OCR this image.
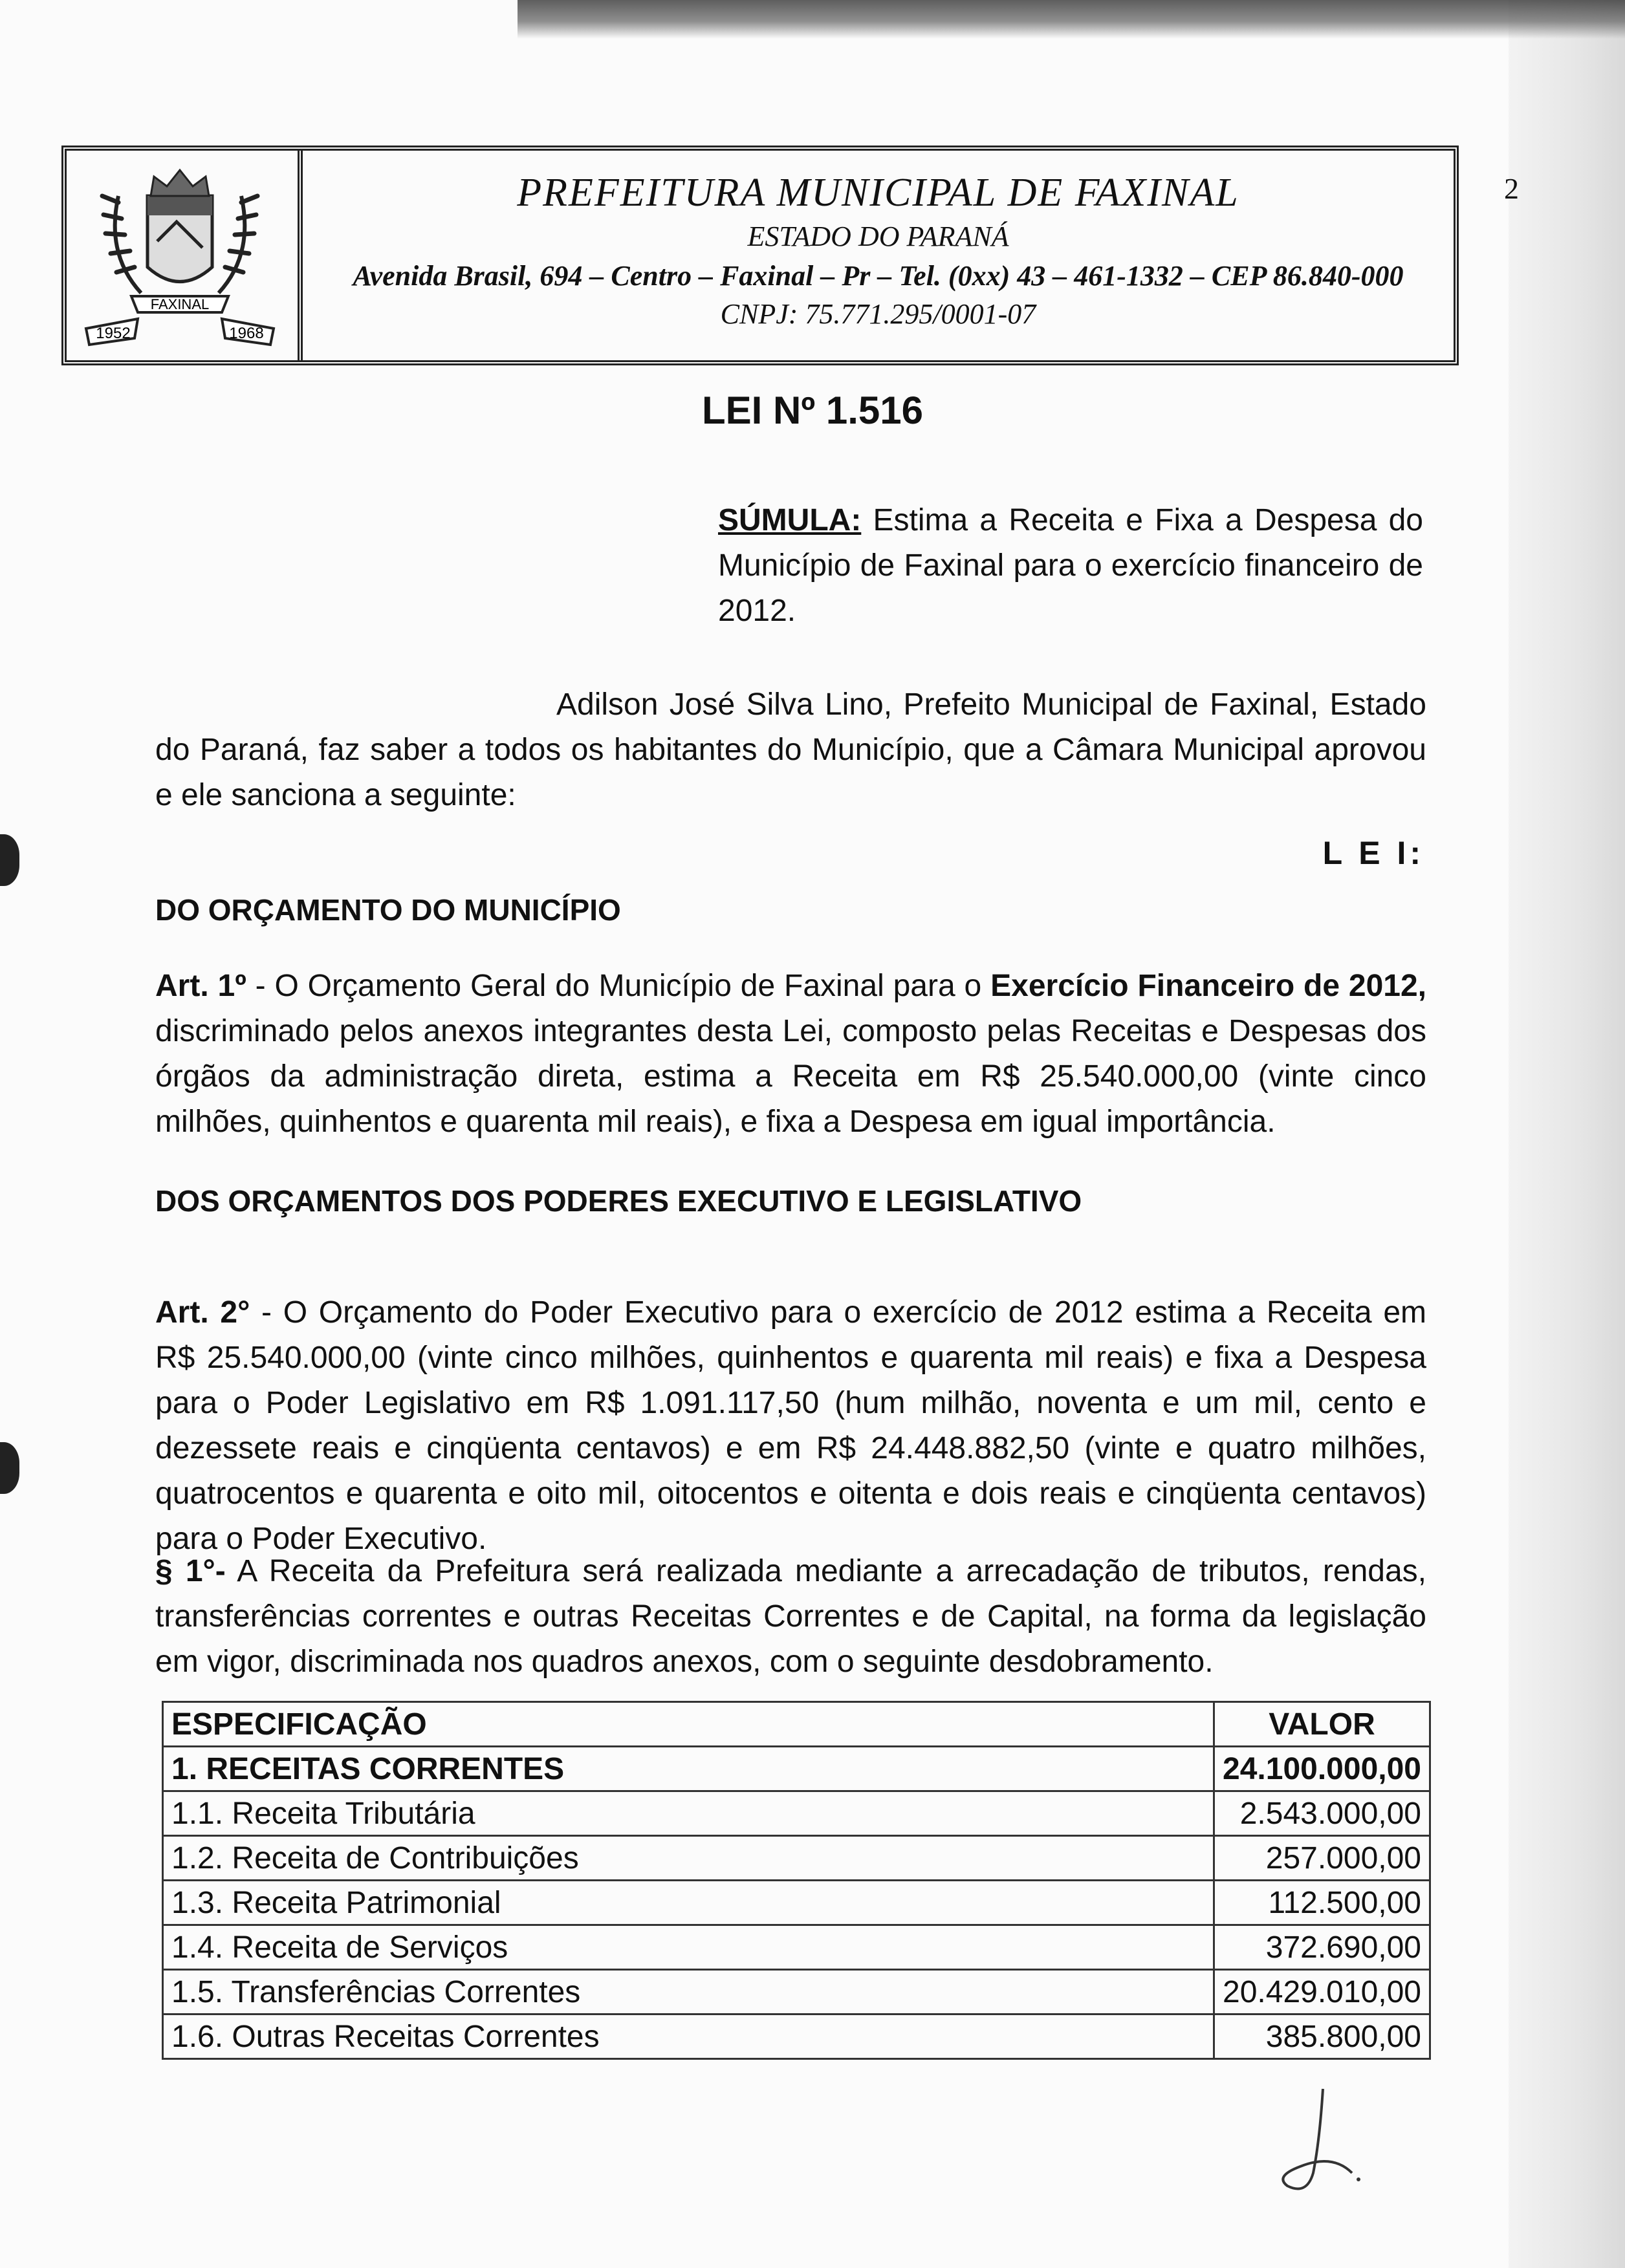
2
FAXINAL
1952	1968
PREFEITURA MUNICIPAL DE FAXINAL
ESTADO DO PARANÁ
Avenida Brasil, 694 – Centro – Faxinal – Pr – Tel. (0xx) 43 – 461-1332 – CEP 86.840-000
CNPJ: 75.771.295/0001-07
LEI Nº 1.516
SÚMULA: Estima a Receita e Fixa a Despesa do Município de Faxinal para o exercício financeiro de 2012.
Adilson José Silva Lino, Prefeito Municipal de Faxinal, Estado do Paraná, faz saber a todos os habitantes do Município, que a Câmara Municipal aprovou e ele sanciona a seguinte:
L E I:
DO ORÇAMENTO DO MUNICÍPIO
Art. 1º - O Orçamento Geral do Município de Faxinal para o Exercício Financeiro de 2012, discriminado pelos anexos integrantes desta Lei, composto pelas Receitas e Despesas dos órgãos da administração direta, estima a Receita em R$ 25.540.000,00 (vinte cinco milhões, quinhentos e quarenta mil reais), e fixa a Despesa em igual importância.
DOS ORÇAMENTOS DOS PODERES EXECUTIVO E LEGISLATIVO
Art. 2° - O Orçamento do Poder Executivo para o exercício de 2012 estima a Receita em R$ 25.540.000,00 (vinte cinco milhões, quinhentos e quarenta mil reais) e fixa a Despesa para o Poder Legislativo em R$ 1.091.117,50 (hum milhão, noventa e um mil, cento e dezessete reais e cinqüenta centavos) e em R$ 24.448.882,50 (vinte e quatro milhões, quatrocentos e quarenta e oito mil, oitocentos e oitenta e dois reais e cinqüenta centavos) para o Poder Executivo.
§ 1°- A Receita da Prefeitura será realizada mediante a arrecadação de tributos, rendas, transferências correntes e outras Receitas Correntes e de Capital, na forma da legislação em vigor, discriminada nos quadros anexos, com o seguinte desdobramento.
ESPECIFICAÇÃO	VALOR
1. RECEITAS CORRENTES	24.100.000,00
1.1. Receita Tributária	2.543.000,00
1.2. Receita de Contribuições	257.000,00
1.3. Receita Patrimonial	112.500,00
1.4. Receita de Serviços	372.690,00
1.5. Transferências Correntes	20.429.010,00
1.6. Outras Receitas Correntes	385.800,00
